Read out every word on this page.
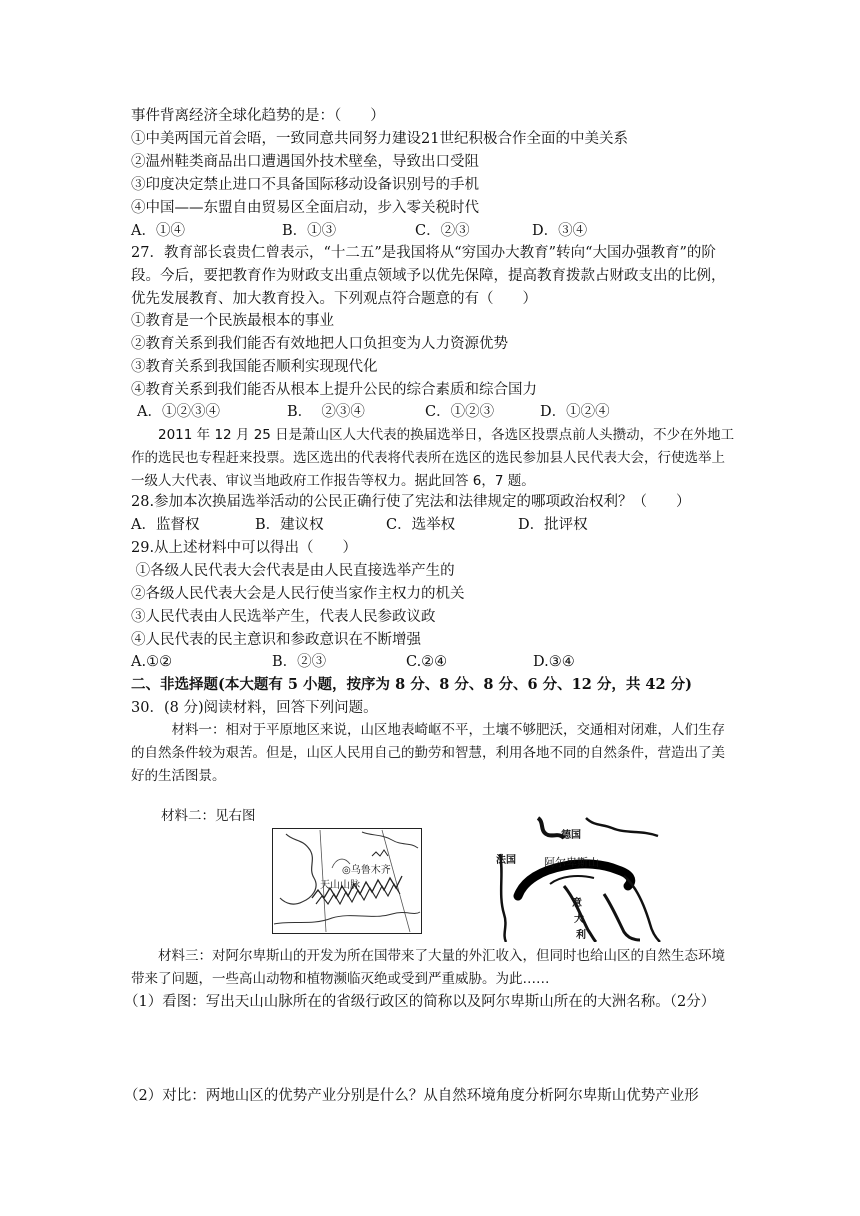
事件背离经济全球化趋势的是：（　　）
①中美两国元首会晤，一致同意共同努力建设21世纪积极合作全面的中美关系
②温州鞋类商品出口遭遇国外技术壁垒，导致出口受阻
③印度决定禁止进口不具备国际移动设备识别号的手机
④中国——东盟自由贸易区全面启动，步入零关税时代
A．①④	B．①③	C．②③	D．③④
27．教育部长袁贵仁曾表示，“十二五”是我国将从“穷国办大教育”转向“大国办强教育”的阶段。今后，要把教育作为财政支出重点领域予以优先保障，提高教育拨款占财政支出的比例，优先发展教育、加大教育投入。下列观点符合题意的有（　　）
①教育是一个民族最根本的事业
②教育关系到我们能否有效地把人口负担变为人力资源优势
③教育关系到我国能否顺利实现现代化
④教育关系到我们能否从根本上提升公民的综合素质和综合国力
A．①②③④	B．  ②③④	C．①②③	D．①②④
2011 年 12 月 25 日是萧山区人大代表的换届选举日，各选区投票点前人头攒动，不少在外地工作的选民也专程赶来投票。选区选出的代表将代表所在选区的选民参加县人民代表大会，行使选举上一级人大代表、审议当地政府工作报告等权力。据此回答 6，7 题。
28.参加本次换届选举活动的公民正确行使了宪法和法律规定的哪项政治权利？（　　）
A．监督权	B．建议权	C．选举权	D．批评权
29.从上述材料中可以得出（　　）
①各级人民代表大会代表是由人民直接选举产生的
②各级人民代表大会是人民行使当家作主权力的机关
③人民代表由人民选举产生，代表人民参政议政
④人民代表的民主意识和参政意识在不断增强
A.①②	B．②③	C.②④	D.③④
二、非选择题(本大题有 5 小题，按序为 8 分、8 分、8 分、6 分、12 分，共 42 分)
30．(8 分)阅读材料，回答下列问题。
材料一：相对于平原地区来说，山区地表崎岖不平，土壤不够肥沃，交通相对闭难，人们生存的自然条件较为艰苦。但是，山区人民用自己的勤劳和智慧，利用各地不同的自然条件，营造出了美好的生活图景。
材料二：见右图
◎乌鲁木齐
天山山脉
德国
法国	阿尔卑斯山
意
大
利
材料三：对阿尔卑斯山的开发为所在国带来了大量的外汇收入，但同时也给山区的自然生态环境带来了问题，一些高山动物和植物濒临灭绝或受到严重威胁。为此……
（1）看图：写出天山山脉所在的省级行政区的简称以及阿尔卑斯山所在的大洲名称。（2分）
（2）对比：两地山区的优势产业分别是什么？从自然环境角度分析阿尔卑斯山优势产业形
